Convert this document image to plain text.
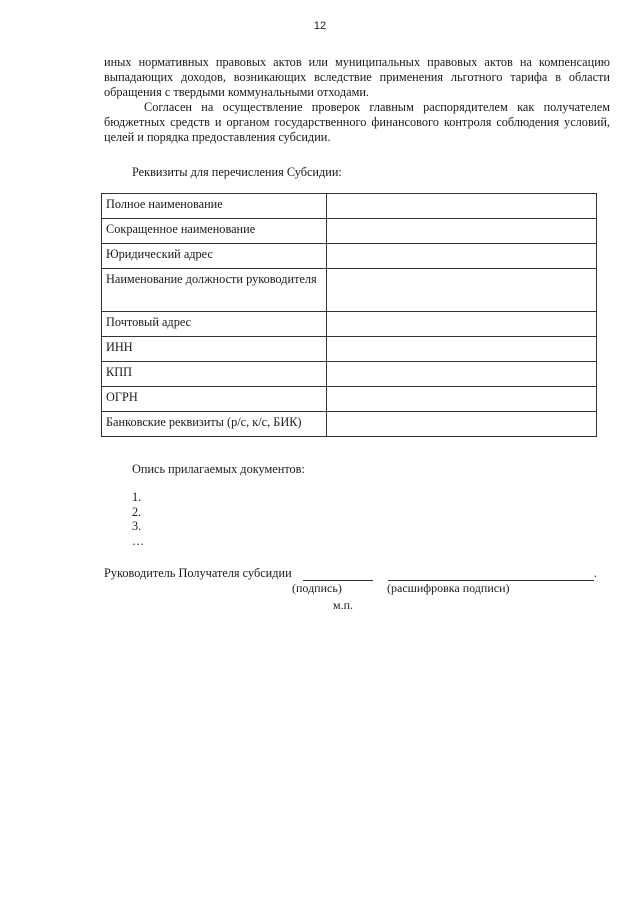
12
иных нормативных правовых актов или муниципальных правовых актов на компенсацию выпадающих доходов, возникающих вследствие применения льготного тарифа в области обращения с твердыми коммунальными отходами.
Согласен на осуществление проверок главным распорядителем как получателем бюджетных средств и органом государственного финансового контроля соблюдения условий, целей и порядка предоставления субсидии.
Реквизиты для перечисления Субсидии:
Полное наименование	
Сокращенное наименование	
Юридический адрес	
Наименование должности руководителя	
Почтовый адрес	
ИНН	
КПП	
ОГРН	
Банковские реквизиты (р/с, к/с, БИК)	
Опись прилагаемых документов:
1.
2.
3.
…
Руководитель Получателя субсидии	.
(подпись)	(расшифровка подписи)
м.п.
